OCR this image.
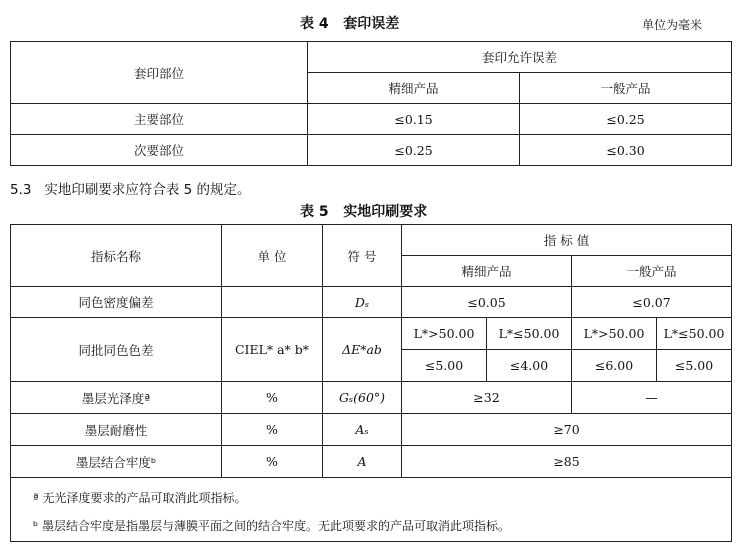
表 4   套印误差	单位为毫米
套印部位	套印允许误差	
	精细产品	一般产品
主要部位	≤0.15	≤0.25
次要部位	≤0.25	≤0.30
5.3   实地印刷要求应符合表 5 的规定。
表 5   实地印刷要求
指标名称	单 位	符 号	指 标 值			
			精细产品		一般产品	
同色密度偏差		Dₛ	≤0.05		≤0.07	
同批同色色差	CIEL* a* b*	ΔE*ab	L*>50.00	L*≤50.00	L*>50.00	L*≤50.00
			≤5.00	≤4.00	≤6.00	≤5.00
墨层光泽度ª	%	Gₛ(60°)	≥32		—	
墨层耐磨性	%	Aₛ	≥70			
墨层结合牢度ᵇ	%	A	≥85			
ª 无光泽度要求的产品可取消此项指标。						
ᵇ 墨层结合牢度是指墨层与薄膜平面之间的结合牢度。无此项要求的产品可取消此项指标。						
